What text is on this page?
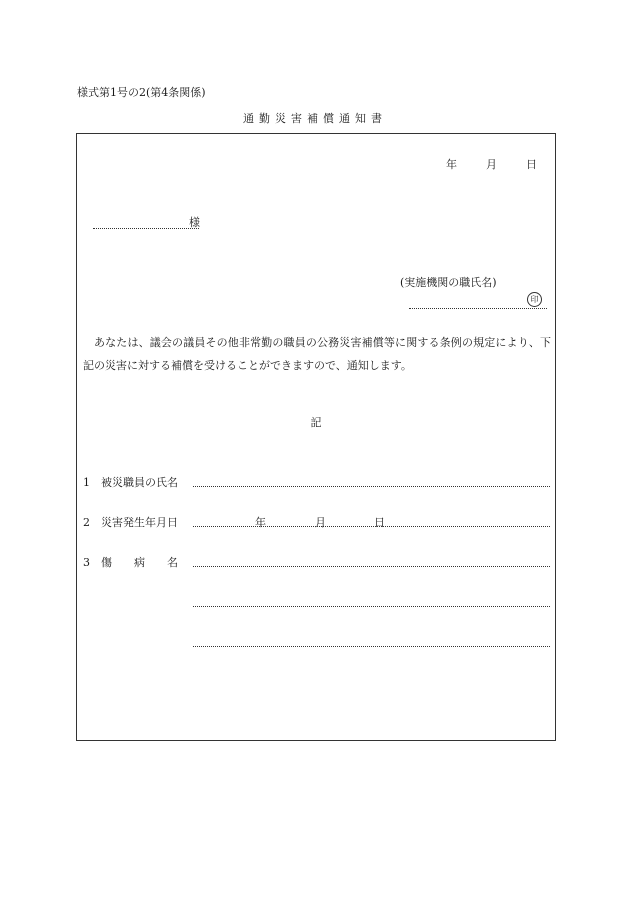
様式第1号の2(第4条関係)
通勤災害補償通知書
年	月	日
様
(実施機関の職氏名)
印
あなたは、議会の議員その他非常勤の職員の公務災害補償等に関する条例の規定により、下記の災害に対する補償を受けることができますので、通知します。
記
1 被災職員の氏名
2 災害発生年月日	年	月	日
3 傷　　病　　名
